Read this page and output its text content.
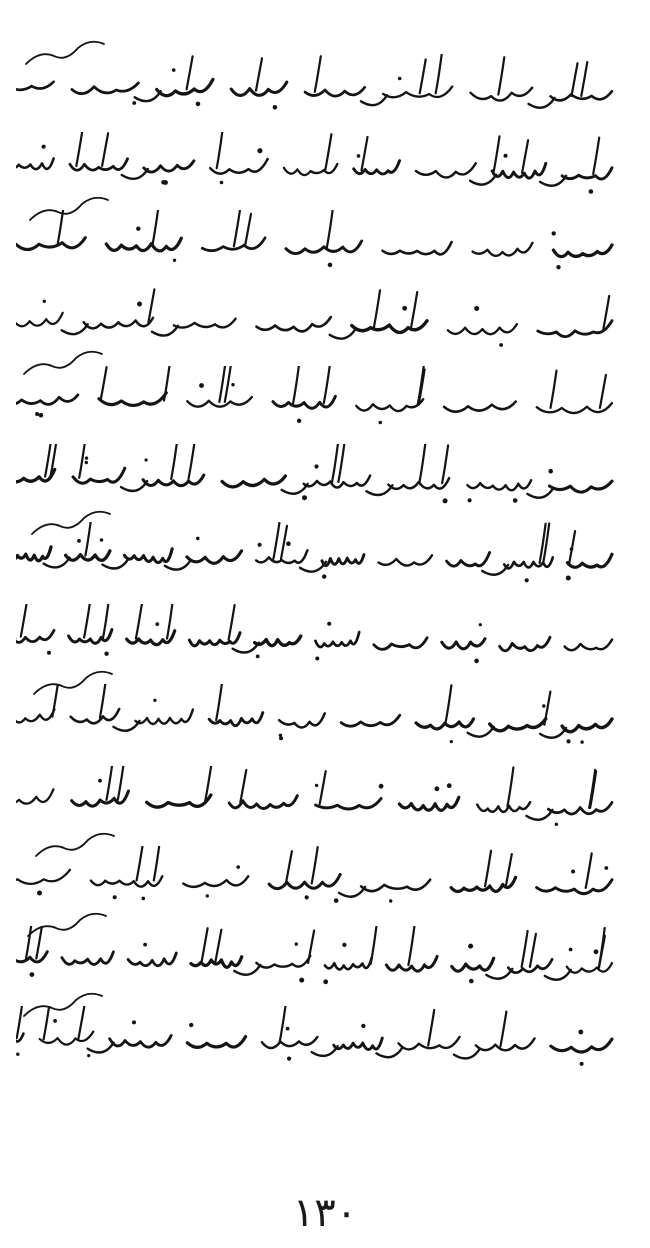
١٣٠
